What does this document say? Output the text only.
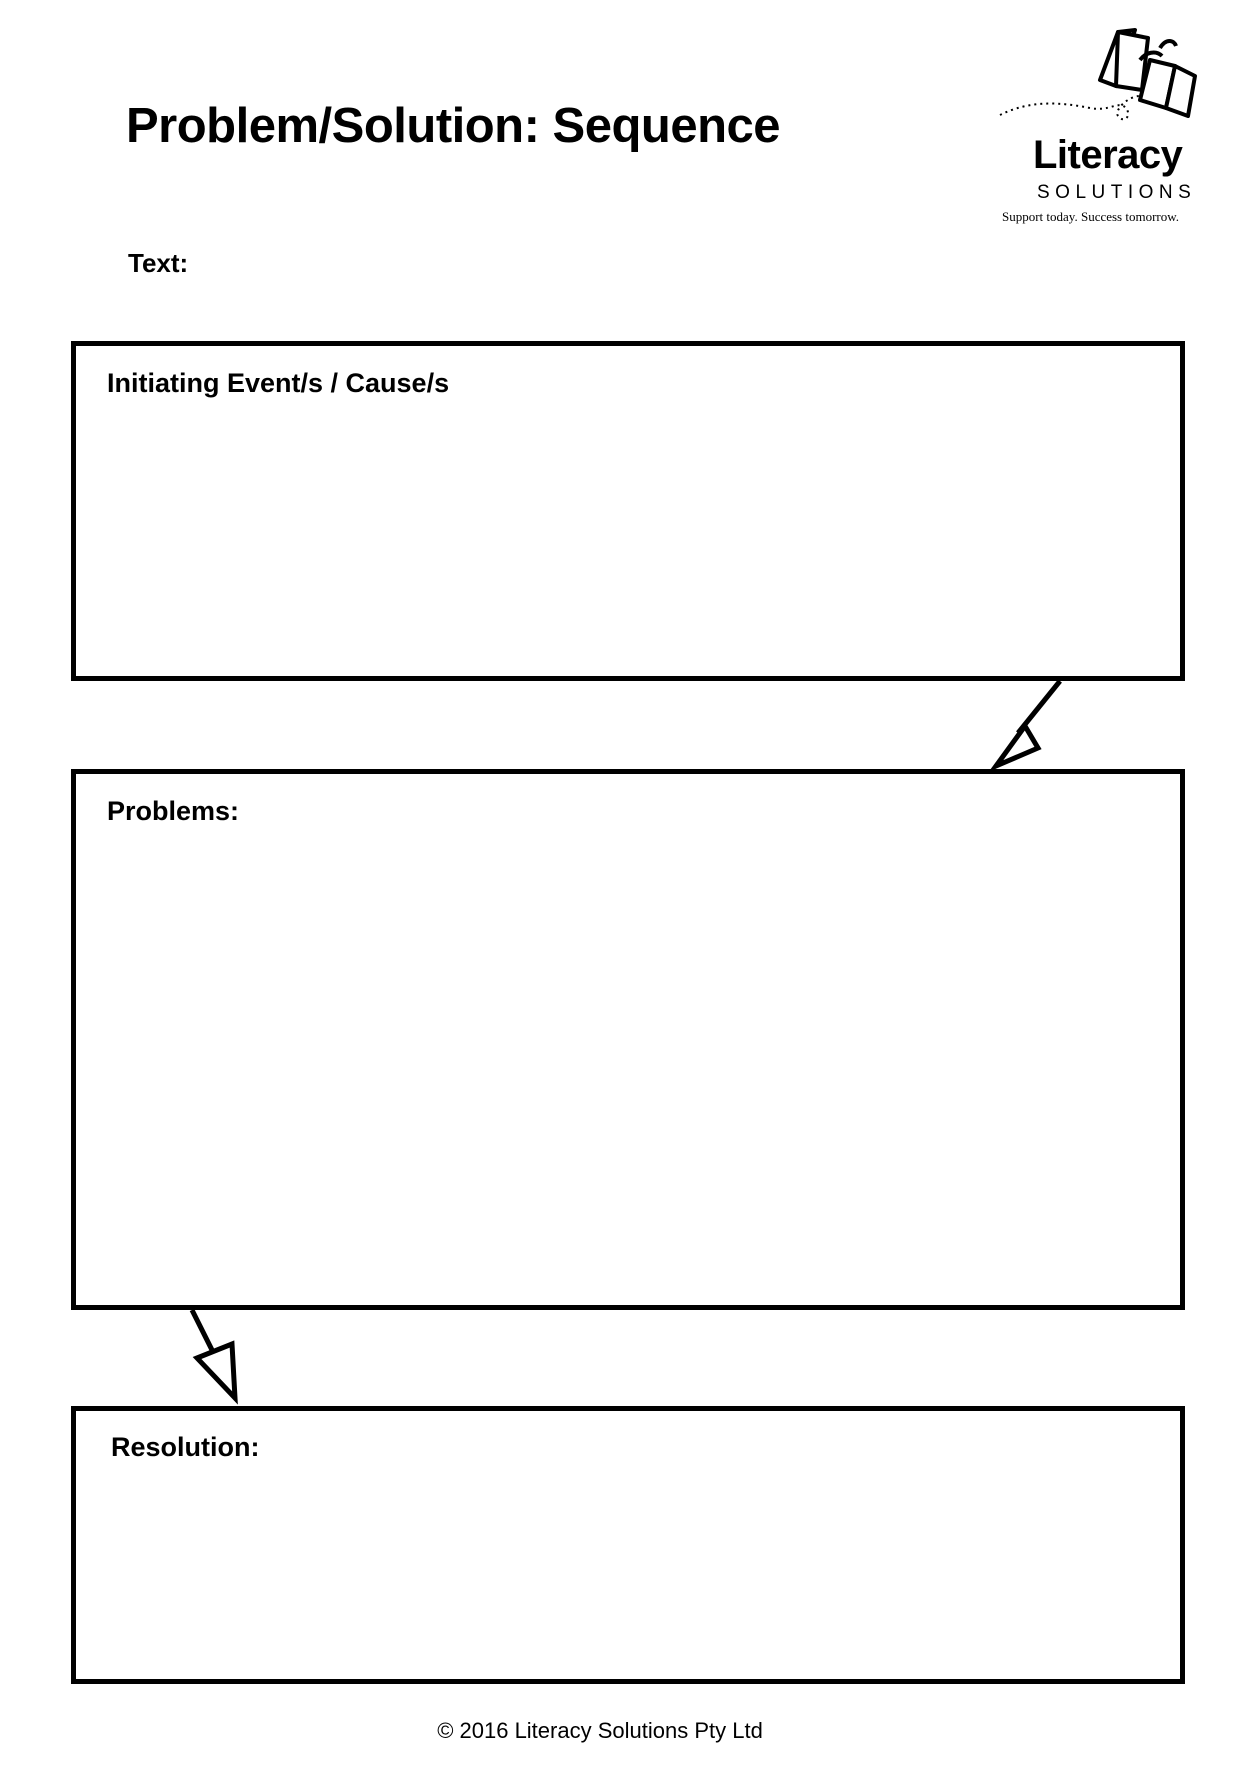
Problem/Solution: Sequence
Literacy
SOLUTIONS
Support today. Success tomorrow.
Text:
Initiating Event/s / Cause/s
Problems:
Resolution:
© 2016 Literacy Solutions Pty Ltd
